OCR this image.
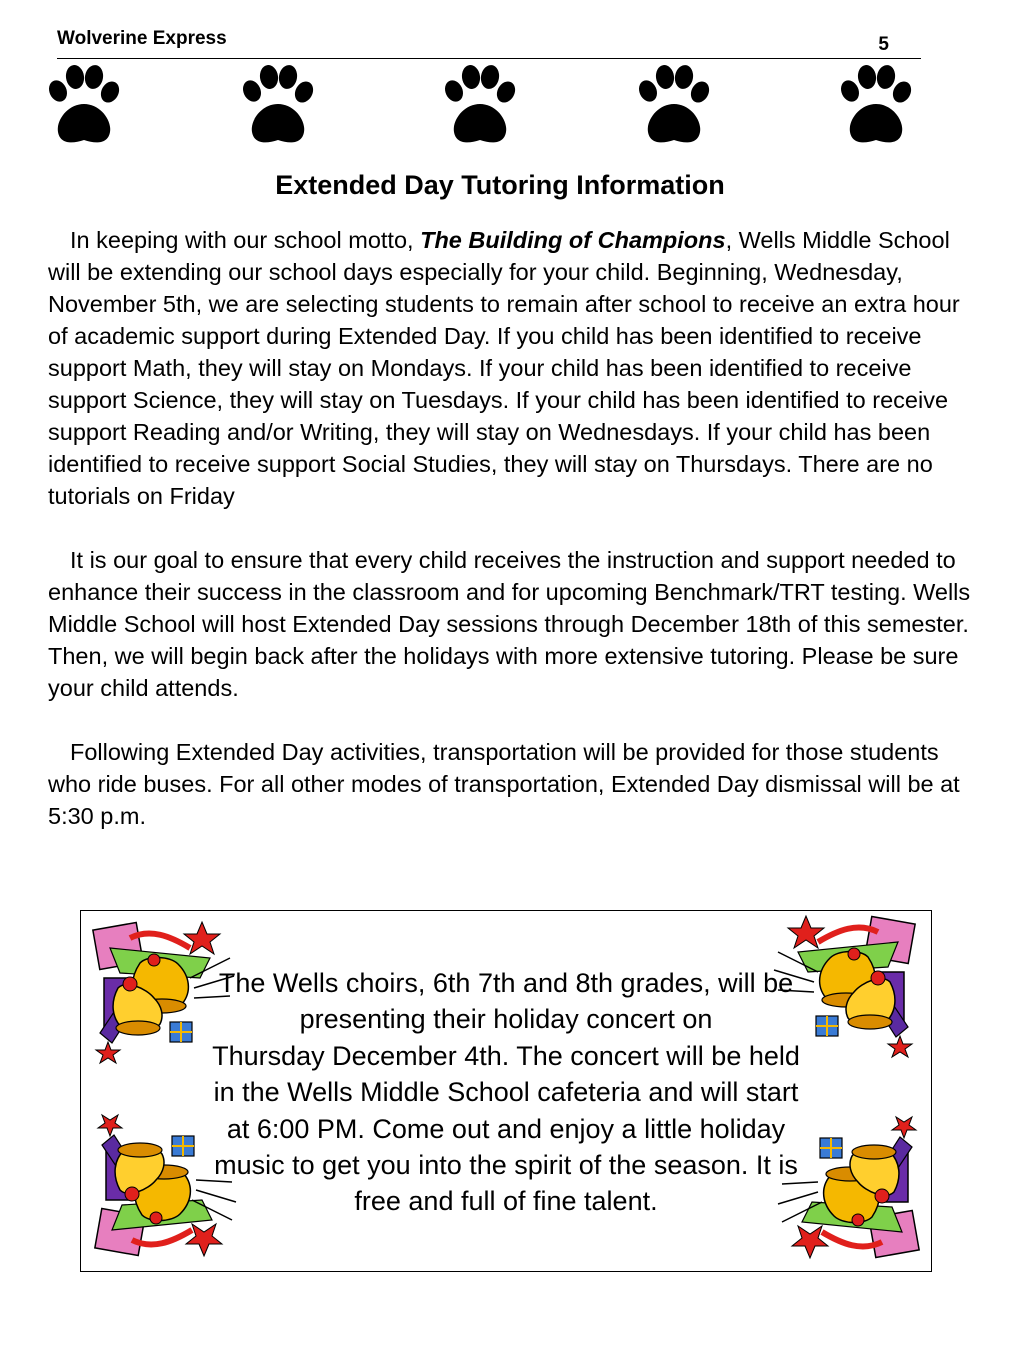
Wolverine Express	5
Extended Day Tutoring Information

In keeping with our school motto, The Building of Champions, Wells Middle School will be extending our school days especially for your child. Beginning, Wednesday, November 5th, we are selecting students to remain after school to receive an extra hour of academic support during Extended Day. If you child has been identified to receive support Math, they will stay on Mondays. If your child has been identified to receive support Science, they will stay on Tuesdays. If your child has been identified to receive support Reading and/or Writing, they will stay on Wednesdays. If your child has been identified to receive support Social Studies, they will stay on Thursdays. There are no tutorials on Friday

It is our goal to ensure that every child receives the instruction and support needed to enhance their success in the classroom and for upcoming Benchmark/TRT testing. Wells Middle School will host Extended Day sessions through December 18th of this semester. Then, we will begin back after the holidays with more extensive tutoring. Please be sure your child attends.

Following Extended Day activities, transportation will be provided for those students who ride buses. For all other modes of transportation, Extended Day dismissal will be at 5:30 p.m.

The Wells choirs, 6th 7th and 8th grades, will be
presenting their holiday concert on
Thursday December 4th. The concert will be held
in the Wells Middle School cafeteria and will start
at 6:00 PM. Come out and enjoy a little holiday
music to get you into the spirit of the season. It is
free and full of fine talent.
